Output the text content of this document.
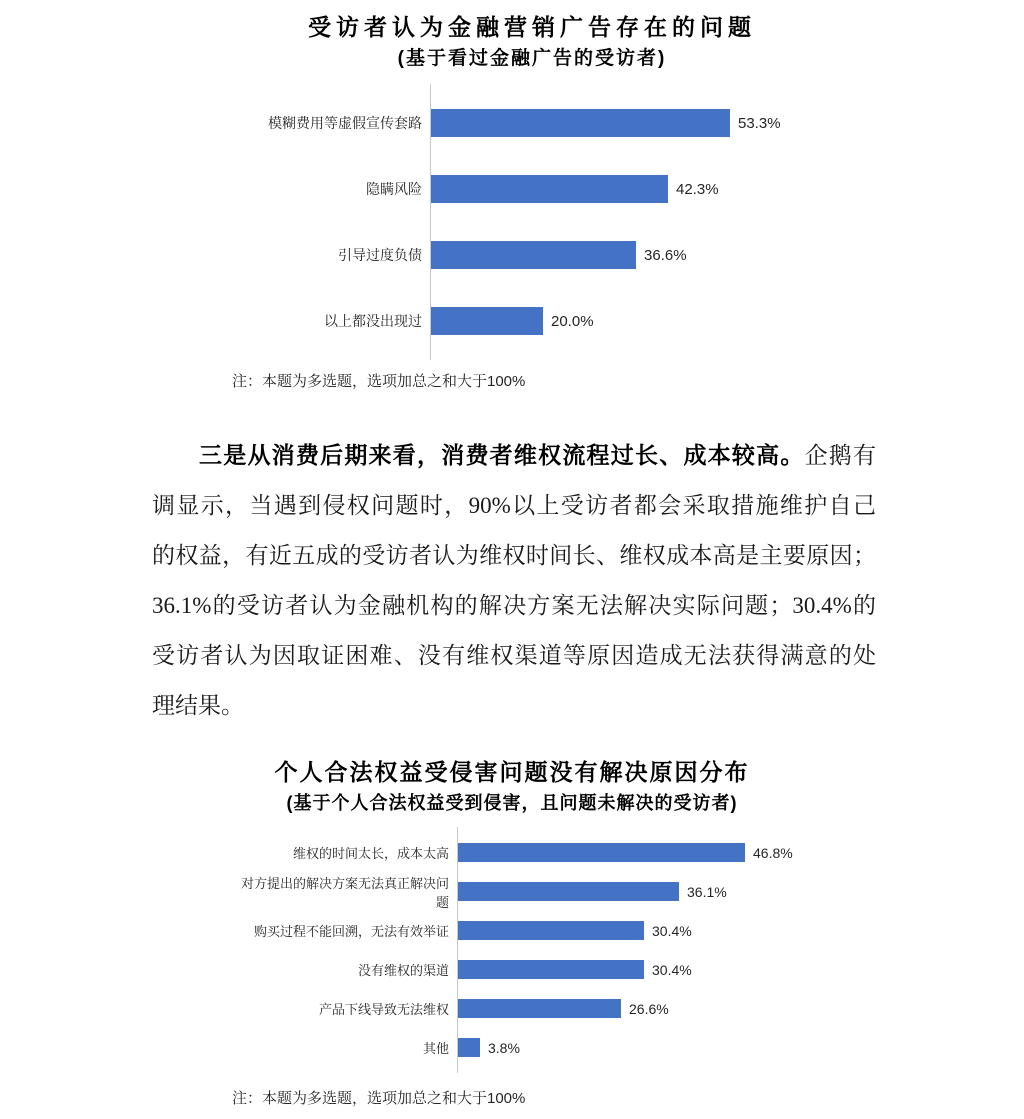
受访者认为金融营销广告存在的问题
(基于看过金融广告的受访者)
模糊费用等虚假宣传套路	53.3%
隐瞒风险	42.3%
引导过度负债	36.6%
以上都没出现过	20.0%
注：本题为多选题，选项加总之和大于100%
三是从消费后期来看，消费者维权流程过长、成本较高。企鹅有
调显示，当遇到侵权问题时，90%以上受访者都会采取措施维护自己
的权益，有近五成的受访者认为维权时间长、维权成本高是主要原因；
36.1%的受访者认为金融机构的解决方案无法解决实际问题；30.4%的
受访者认为因取证困难、没有维权渠道等原因造成无法获得满意的处
理结果。
个人合法权益受侵害问题没有解决原因分布
(基于个人合法权益受到侵害，且问题未解决的受访者)
维权的时间太长，成本太高	46.8%
对方提出的解决方案无法真正解决问题
36.1%
购买过程不能回溯，无法有效举证	30.4%
没有维权的渠道	30.4%
产品下线导致无法维权	26.6%
其他	3.8%
注：本题为多选题，选项加总之和大于100%
